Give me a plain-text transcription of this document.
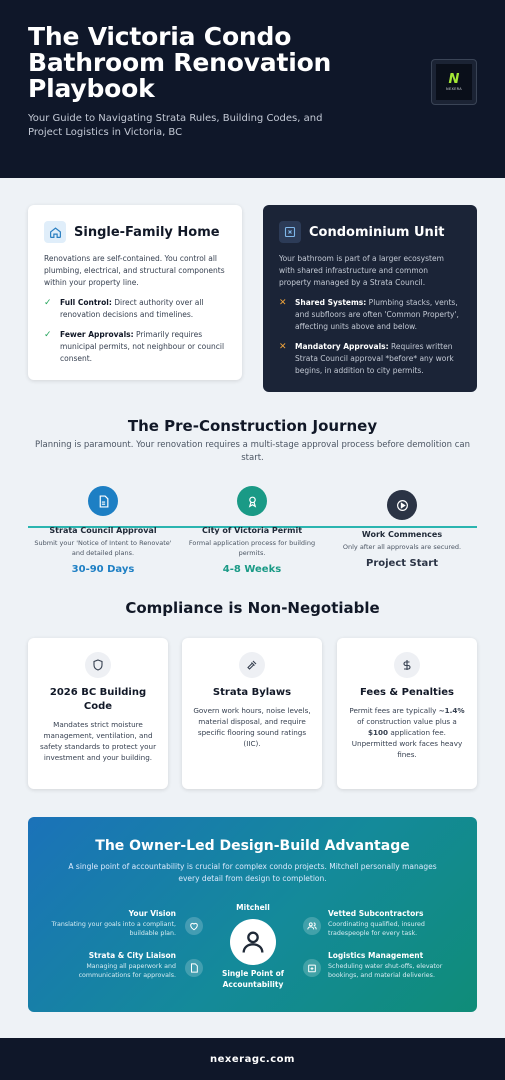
The Victoria Condo Bathroom Renovation Playbook
Your Guide to Navigating Strata Rules, Building Codes, and Project Logistics in Victoria, BC
N
NEXERA
Single-Family Home

Renovations are self-contained. You control all plumbing, electrical, and structural components within your property line.

✓	Full Control: Direct authority over all renovation decisions and timelines.
✓	Fewer Approvals: Primarily requires municipal permits, not neighbour or council consent.
Condominium Unit

Your bathroom is part of a larger ecosystem with shared infrastructure and common property managed by a Strata Council.

✕	Shared Systems: Plumbing stacks, vents, and subfloors are often 'Common Property', affecting units above and below.
✕	Mandatory Approvals: Requires written Strata Council approval *before* any work begins, in addition to city permits.
The Pre-Construction Journey
Planning is paramount. Your renovation requires a multi-stage approval process before demolition can start.
Strata Council Approval
Submit your 'Notice of Intent to Renovate' and detailed plans.
30-90 Days
City of Victoria Permit
Formal application process for building permits.
4-8 Weeks
Work Commences
Only after all approvals are secured.
Project Start
Compliance is Non-Negotiable
2026 BC Building Code
Mandates strict moisture management, ventilation, and safety standards to protect your investment and your building.
Strata Bylaws
Govern work hours, noise levels, material disposal, and require specific flooring sound ratings (IIC).
Fees & Penalties
Permit fees are typically ~1.4% of construction value plus a $100 application fee. Unpermitted work faces heavy fines.
The Owner-Led Design-Build Advantage
A single point of accountability is crucial for complex condo projects. Mitchell personally manages every detail from design to completion.
Mitchell
Single Point of Accountability
Your Vision
Translating your goals into a compliant, buildable plan.
Strata & City Liaison
Managing all paperwork and communications for approvals.
Vetted Subcontractors
Coordinating qualified, insured tradespeople for every task.
Logistics Management
Scheduling water shut-offs, elevator bookings, and material deliveries.
nexeragc.com
